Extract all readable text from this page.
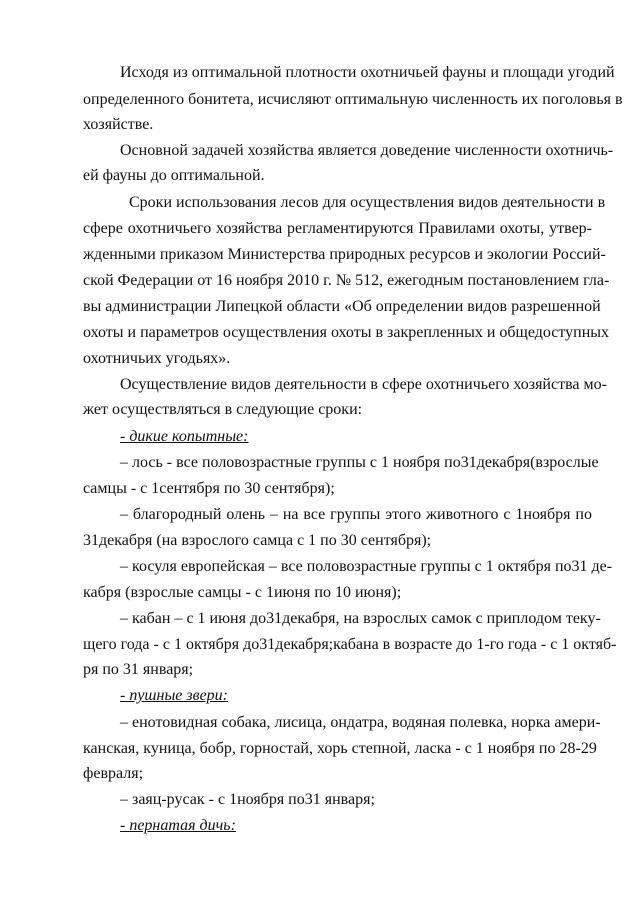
Исходя из оптимальной плотности охотничьей фауны и площади угодий
определенного бонитета, исчисляют оптимальную численность их поголовья в
хозяйстве.
Основной задачей хозяйства является доведение численности охотничь-
ей фауны до оптимальной.
Сроки использования лесов для осуществления видов деятельности в
сфере охотничьего хозяйства регламентируются Правилами охоты, утвер-
жденными приказом Министерства природных ресурсов и экологии Россий-
ской Федерации от 16 ноября 2010 г. № 512, ежегодным постановлением гла-
вы администрации Липецкой области «Об определении видов разрешенной
охоты и параметров осуществления охоты в закрепленных и общедоступных
охотничьих угодьях».
Осуществление видов деятельности в сфере охотничьего хозяйства мо-
жет осуществляться в следующие сроки:
- дикие копытные:
– лось - все половозрастные группы с 1 ноября по31декабря(взрослые
самцы - с 1сентября по 30 сентября);
– благородный олень – на все группы этого животного с 1ноября по
31декабря (на взрослого самца с 1 по 30 сентября);
– косуля европейская – все половозрастные группы с 1 октября по31 де-
кабря (взрослые самцы - с 1июня по 10 июня);
– кабан – с 1 июня до31декабря, на взрослых самок с приплодом теку-
щего года - с 1 октября до31декабря;кабана в возрасте до 1-го года - с 1 октяб-
ря по 31 января;
- пушные звери:
– енотовидная собака, лисица, ондатра, водяная полевка, норка амери-
канская, куница, бобр, горностай, хорь степной, ласка - с 1 ноября по 28-29
февраля;
– заяц-русак - с 1ноября по31 января;
- пернатая дичь:
